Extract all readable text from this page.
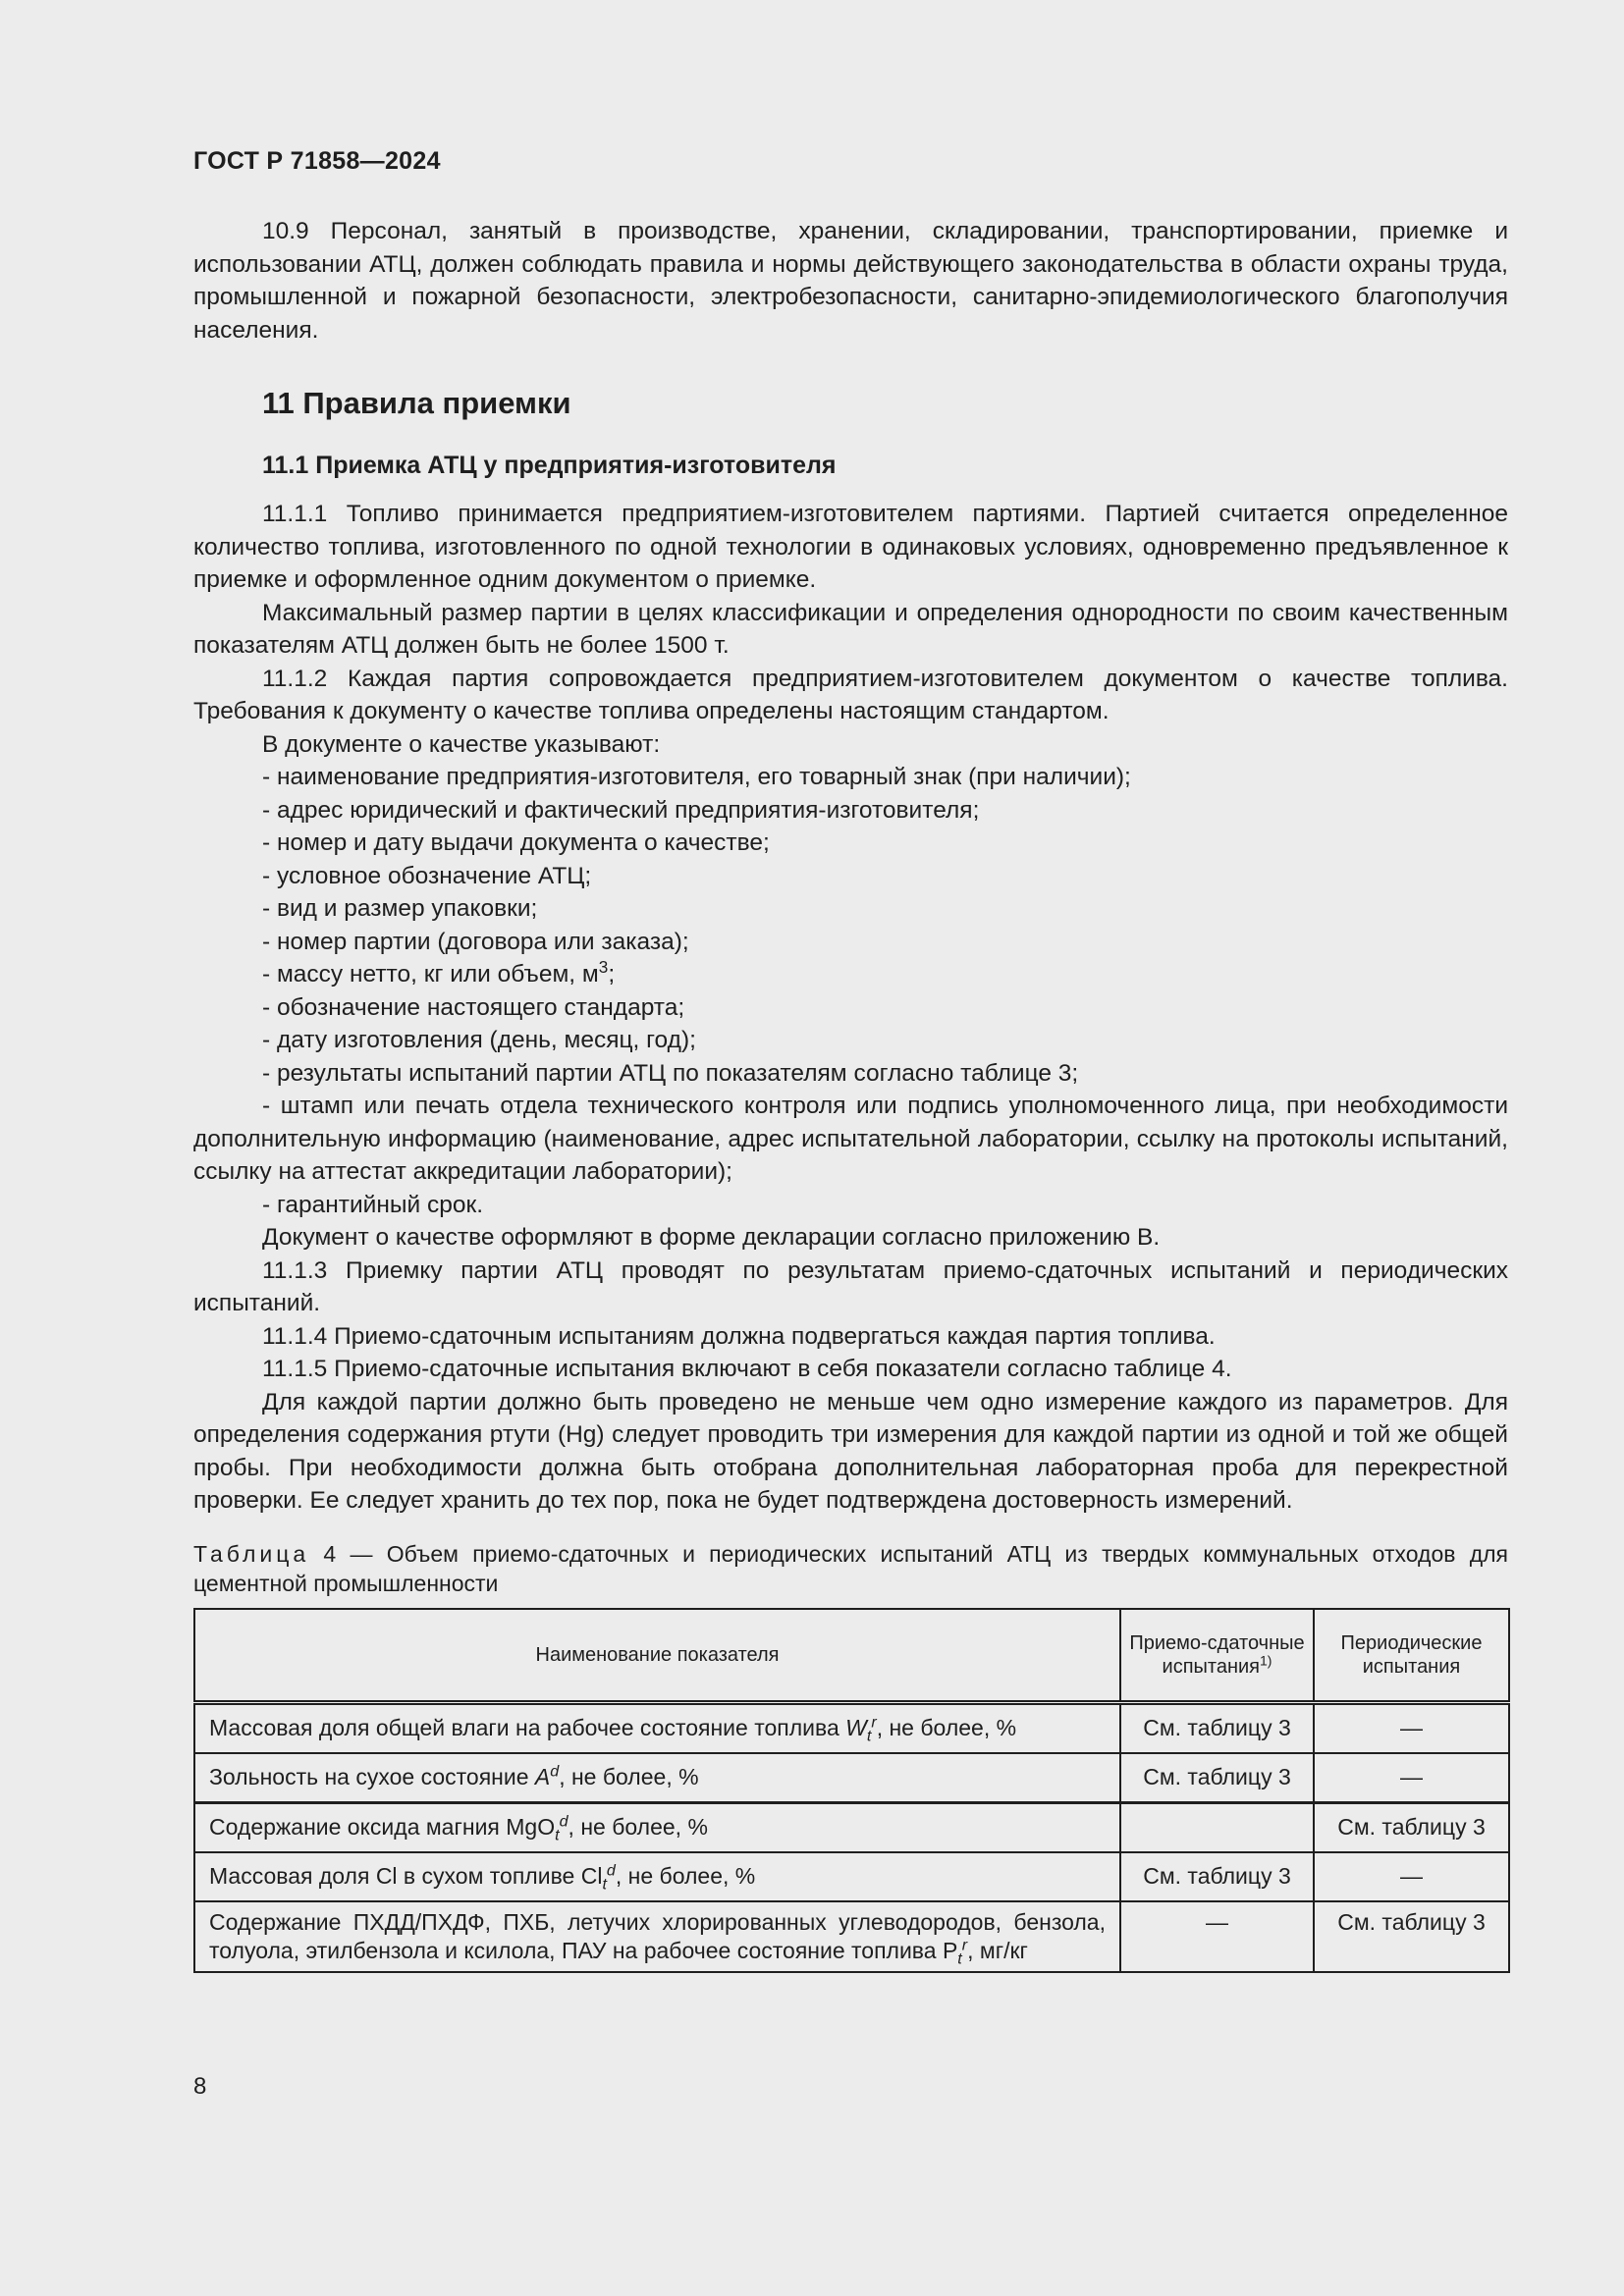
ГОСТ Р 71858—2024

10.9 Персонал, занятый в производстве, хранении, складировании, транспортировании, приемке и использовании АТЦ, должен соблюдать правила и нормы действующего законодательства в области охраны труда, промышленной и пожарной безопасности, электробезопасности, санитарно-эпидемиологического благополучия населения.

11 Правила приемки
11.1 Приемка АТЦ у предприятия-изготовителя

11.1.1 Топливо принимается предприятием-изготовителем партиями. Партией считается определенное количество топлива, изготовленного по одной технологии в одинаковых условиях, одновременно предъявленное к приемке и оформленное одним документом о приемке.

Максимальный размер партии в целях классификации и определения однородности по своим качественным показателям АТЦ должен быть не более 1500 т.

11.1.2 Каждая партия сопровождается предприятием-изготовителем документом о качестве топлива. Требования к документу о качестве топлива определены настоящим стандартом.

В документе о качестве указывают:

- наименование предприятия-изготовителя, его товарный знак (при наличии);

- адрес юридический и фактический предприятия-изготовителя;

- номер и дату выдачи документа о качестве;

- условное обозначение АТЦ;

- вид и размер упаковки;

- номер партии (договора или заказа);

- массу нетто, кг или объем, $м^3$;

- обозначение настоящего стандарта;

- дату изготовления (день, месяц, год);

- результаты испытаний партии АТЦ по показателям согласно таблице 3;

- штамп или печать отдела технического контроля или подпись уполномоченного лица, при необходимости дополнительную информацию (наименование, адрес испытательной лаборатории, ссылку на протоколы испытаний, ссылку на аттестат аккредитации лаборатории);

- гарантийный срок.

Документ о качестве оформляют в форме декларации согласно приложению В.

11.1.3 Приемку партии АТЦ проводят по результатам приемо-сдаточных испытаний и периодических испытаний.

11.1.4 Приемо-сдаточным испытаниям должна подвергаться каждая партия топлива.

11.1.5 Приемо-сдаточные испытания включают в себя показатели согласно таблице 4.

Для каждой партии должно быть проведено не меньше чем одно измерение каждого из параметров. Для определения содержания ртути (Hg) следует проводить три измерения для каждой партии из одной и той же общей пробы. При необходимости должна быть отобрана дополнительная лабораторная проба для перекрестной проверки. Ее следует хранить до тех пор, пока не будет подтверждена достоверность измерений.

Таблица 4 — Объем приемо-сдаточных и периодических испытаний АТЦ из твердых коммунальных отходов для цементной промышленности

Наименование показателя	Приемо-сдаточные испытания$^{1)}$	Периодические испытания
Массовая доля общей влаги на рабочее состояние топлива $W_t^r$, не более, %	См. таблицу 3	—
Зольность на сухое состояние $A^d$, не более, %	См. таблицу 3	—
Содержание оксида магния MgO$_t^d$, не более, %		См. таблицу 3
Массовая доля Cl в сухом топливе $Cl_t^d$, не более, %	См. таблицу 3	—
Содержание ПХДД/ПХДФ, ПХБ, летучих хлорированных углеводородов, бензола, толуола, этилбензола и ксилола, ПАУ на рабочее состояние топлива $P_t^r$, мг/кг	—	См. таблицу 3
8
